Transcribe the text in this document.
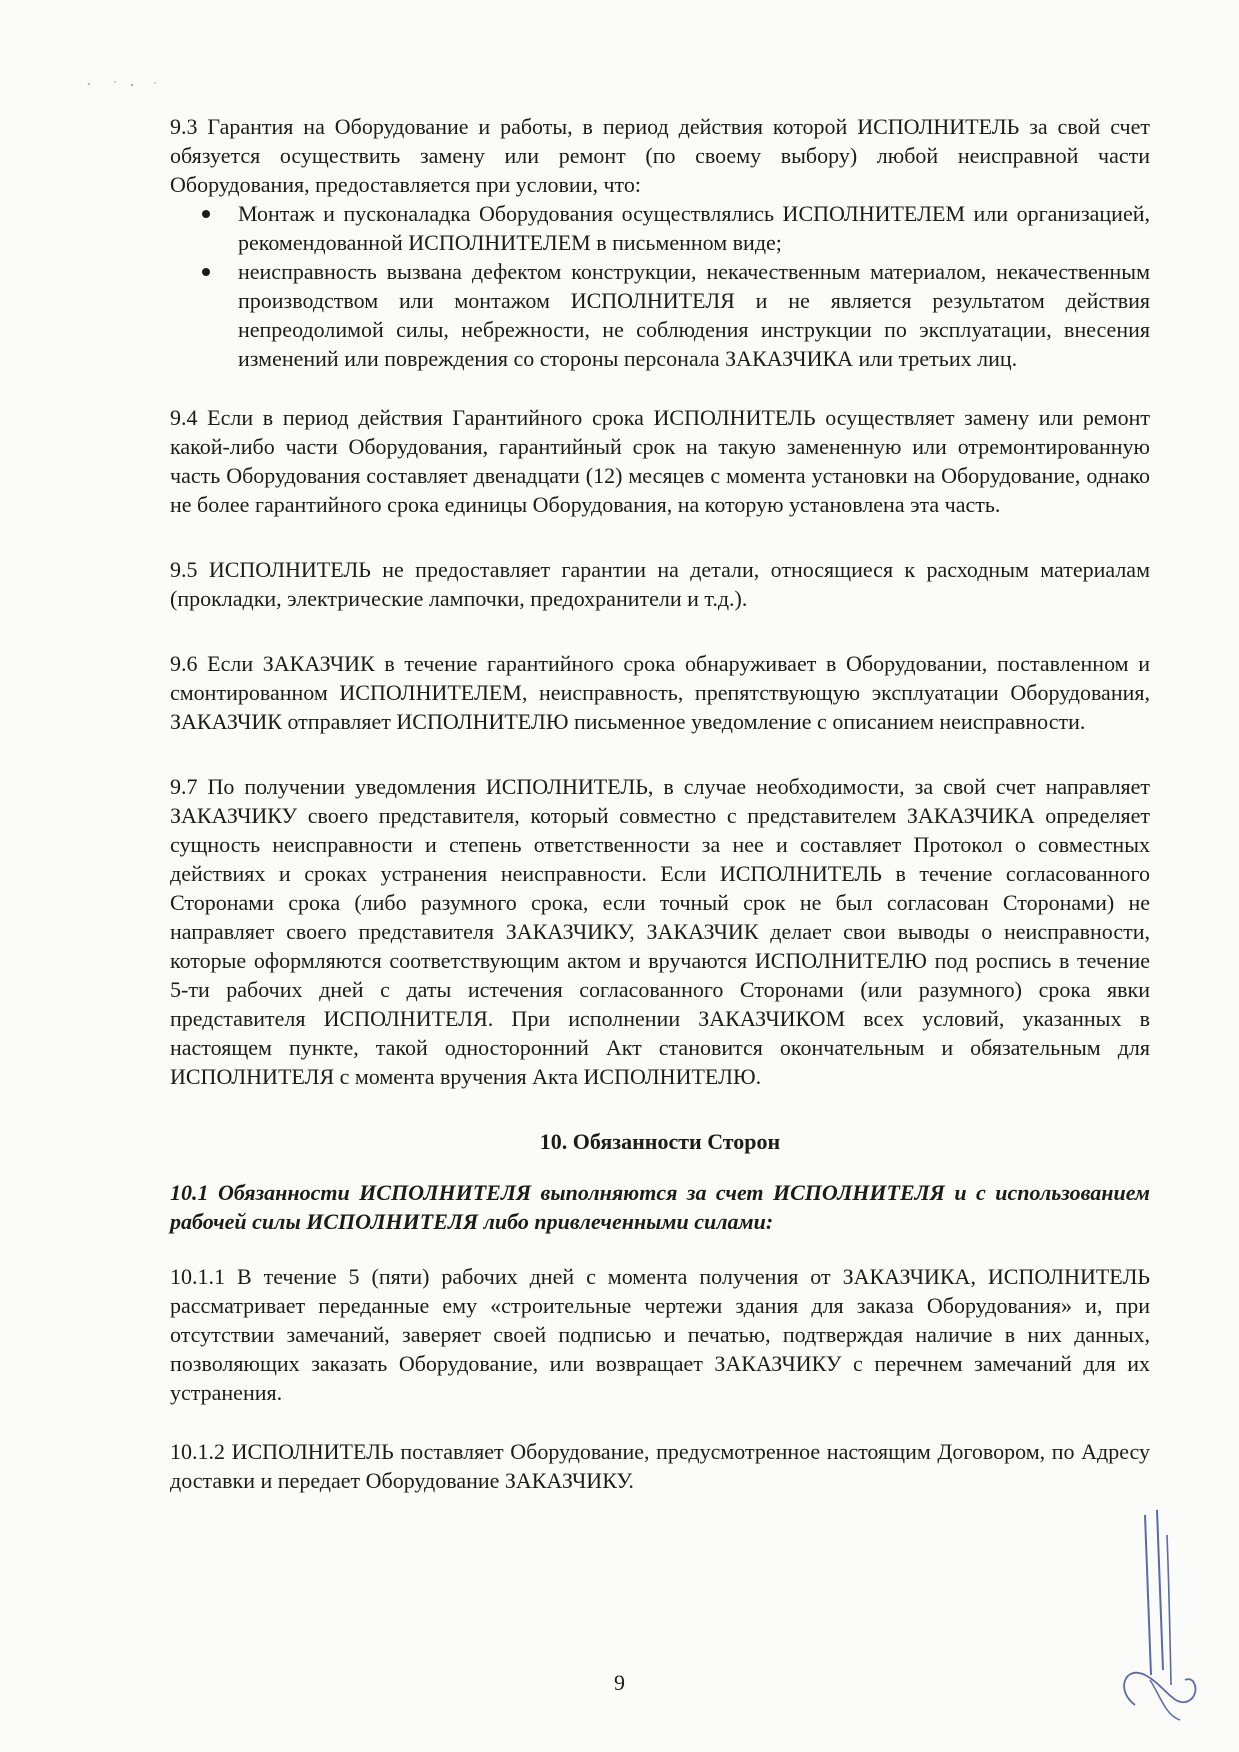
9.3 Гарантия на Оборудование и работы, в период действия которой ИСПОЛНИТЕЛЬ за свой счет обязуется осуществить замену или ремонт (по своему выбору) любой неисправной части Оборудования, предоставляется при условии, что:

Монтаж и пусконаладка Оборудования осуществлялись ИСПОЛНИТЕЛЕМ или организацией, рекомендованной ИСПОЛНИТЕЛЕМ в письменном виде;
неисправность вызвана дефектом конструкции, некачественным материалом, некачественным производством или монтажом ИСПОЛНИТЕЛЯ и не является результатом действия непреодолимой силы, небрежности, не соблюдения инструкции по эксплуатации, внесения изменений или повреждения со стороны персонала ЗАКАЗЧИКА или третьих лиц.

9.4 Если в период действия Гарантийного срока ИСПОЛНИТЕЛЬ осуществляет замену или ремонт какой-либо части Оборудования, гарантийный срок на такую замененную или отремонтированную часть Оборудования составляет двенадцати (12) месяцев с момента установки на Оборудование, однако не более гарантийного срока единицы Оборудования, на которую установлена эта часть.

9.5 ИСПОЛНИТЕЛЬ не предоставляет гарантии на детали, относящиеся к расходным материалам (прокладки, электрические лампочки, предохранители и т.д.).

9.6 Если ЗАКАЗЧИК в течение гарантийного срока обнаруживает в Оборудовании, поставленном и смонтированном ИСПОЛНИТЕЛЕМ, неисправность, препятствующую эксплуатации Оборудования, ЗАКАЗЧИК отправляет ИСПОЛНИТЕЛЮ письменное уведомление с описанием неисправности.

9.7 По получении уведомления ИСПОЛНИТЕЛЬ, в случае необходимости, за свой счет направляет ЗАКАЗЧИКУ своего представителя, который совместно с представителем ЗАКАЗЧИКА определяет сущность неисправности и степень ответственности за нее и составляет Протокол о совместных действиях и сроках устранения неисправности. Если ИСПОЛНИТЕЛЬ в течение согласованного Сторонами срока (либо разумного срока, если точный срок не был согласован Сторонами) не направляет своего представителя ЗАКАЗЧИКУ, ЗАКАЗЧИК делает свои выводы о неисправности, которые оформляются соответствующим актом и вручаются ИСПОЛНИТЕЛЮ под роспись в течение 5-ти рабочих дней с даты истечения согласованного Сторонами (или разумного) срока явки представителя ИСПОЛНИТЕЛЯ. При исполнении ЗАКАЗЧИКОМ всех условий, указанных в настоящем пункте, такой односторонний Акт становится окончательным и обязательным для ИСПОЛНИТЕЛЯ с момента вручения Акта ИСПОЛНИТЕЛЮ.

10. Обязанности Сторон

10.1 Обязанности ИСПОЛНИТЕЛЯ выполняются за счет ИСПОЛНИТЕЛЯ и с использованием рабочей силы ИСПОЛНИТЕЛЯ либо привлеченными силами:

10.1.1 В течение 5 (пяти) рабочих дней с момента получения от ЗАКАЗЧИКА, ИСПОЛНИТЕЛЬ рассматривает переданные ему «строительные чертежи здания для заказа Оборудования» и, при отсутствии замечаний, заверяет своей подписью и печатью, подтверждая наличие в них данных, позволяющих заказать Оборудование, или возвращает ЗАКАЗЧИКУ с перечнем замечаний для их устранения.

10.1.2 ИСПОЛНИТЕЛЬ поставляет Оборудование, предусмотренное настоящим Договором, по Адресу доставки и передает Оборудование ЗАКАЗЧИКУ.

9
